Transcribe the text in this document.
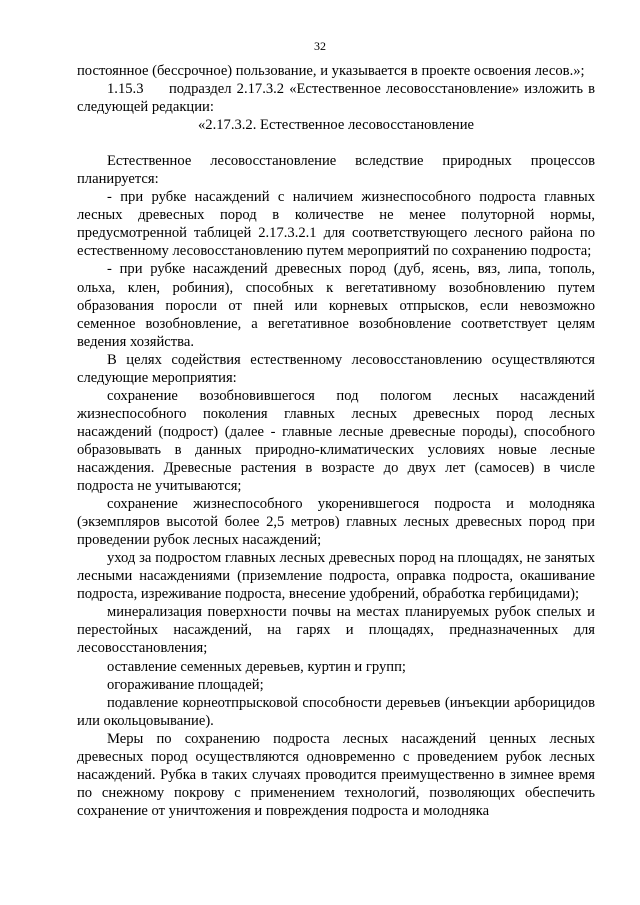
32

постоянное (бессрочное) пользование, и указывается в проекте освоения лесов.»;

1.15.3 подраздел 2.17.3.2 «Естественное лесовосстановление» изложить в следующей редакции:

«2.17.3.2. Естественное лесовосстановление

Естественное лесовосстановление вследствие природных процессов планируется:

- при рубке насаждений с наличием жизнеспособного подроста главных лесных древесных пород в количестве не менее полуторной нормы, предусмотренной таблицей 2.17.3.2.1 для соответствующего лесного района по естественному лесовосстановлению путем мероприятий по сохранению подроста;

- при рубке насаждений древесных пород (дуб, ясень, вяз, липа, тополь, ольха, клен, робиния), способных к вегетативному возобновлению путем образования поросли от пней или корневых отпрысков, если невозможно семенное возобновление, а вегетативное возобновление соответствует целям ведения хозяйства.

В целях содействия естественному лесовосстановлению осуществляются следующие мероприятия:

сохранение возобновившегося под пологом лесных насаждений жизнеспособного поколения главных лесных древесных пород лесных насаждений (подрост) (далее - главные лесные древесные породы), способного образовывать в данных природно-климатических условиях новые лесные насаждения. Древесные растения в возрасте до двух лет (самосев) в числе подроста не учитываются;

сохранение жизнеспособного укоренившегося подроста и молодняка (экземпляров высотой более 2,5 метров) главных лесных древесных пород при проведении рубок лесных насаждений;

уход за подростом главных лесных древесных пород на площадях, не занятых лесными насаждениями (приземление подроста, оправка подроста, окашивание подроста, изреживание подроста, внесение удобрений, обработка гербицидами);

минерализация поверхности почвы на местах планируемых рубок спелых и перестойных насаждений, на гарях и площадях, предназначенных для лесовосстановления;

оставление семенных деревьев, куртин и групп;

огораживание площадей;

подавление корнеотпрысковой способности деревьев (инъекции арборицидов или окольцовывание).

Меры по сохранению подроста лесных насаждений ценных лесных древесных пород осуществляются одновременно с проведением рубок лесных насаждений. Рубка в таких случаях проводится преимущественно в зимнее время по снежному покрову с применением технологий, позволяющих обеспечить сохранение от уничтожения и повреждения подроста и молодняка
